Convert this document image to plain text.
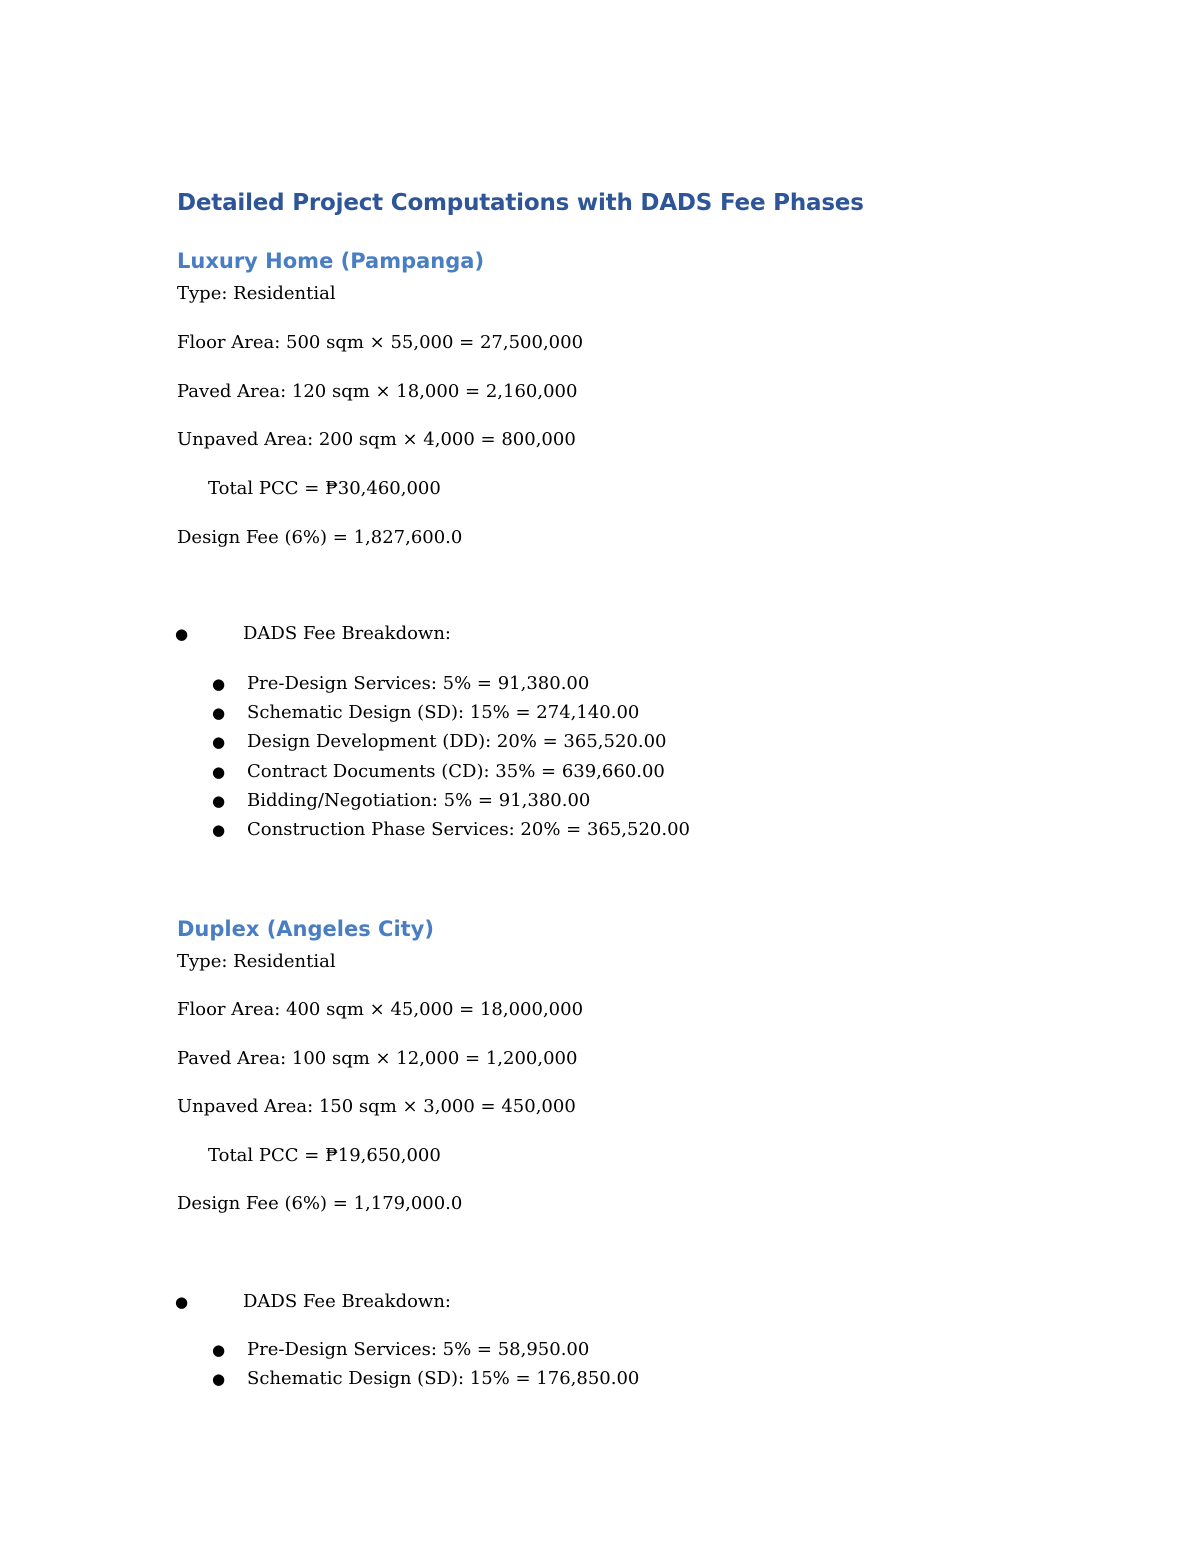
Detailed Project Computations with DADS Fee Phases
Luxury Home (Pampanga)

Type: Residential

Floor Area: 500 sqm × 55,000 = 27,500,000

Paved Area: 120 sqm × 18,000 = 2,160,000

Unpaved Area: 200 sqm × 4,000 = 800,000

Total PCC = ₱30,460,000

Design Fee (6%) = 1,827,600.0

●	DADS Fee Breakdown:
● Pre-Design Services: 5% = 91,380.00
● Schematic Design (SD): 15% = 274,140.00
● Design Development (DD): 20% = 365,520.00
● Contract Documents (CD): 35% = 639,660.00
● Bidding/Negotiation: 5% = 91,380.00
● Construction Phase Services: 20% = 365,520.00
Duplex (Angeles City)

Type: Residential

Floor Area: 400 sqm × 45,000 = 18,000,000

Paved Area: 100 sqm × 12,000 = 1,200,000

Unpaved Area: 150 sqm × 3,000 = 450,000

Total PCC = ₱19,650,000

Design Fee (6%) = 1,179,000.0

●	DADS Fee Breakdown:
● Pre-Design Services: 5% = 58,950.00
● Schematic Design (SD): 15% = 176,850.00
